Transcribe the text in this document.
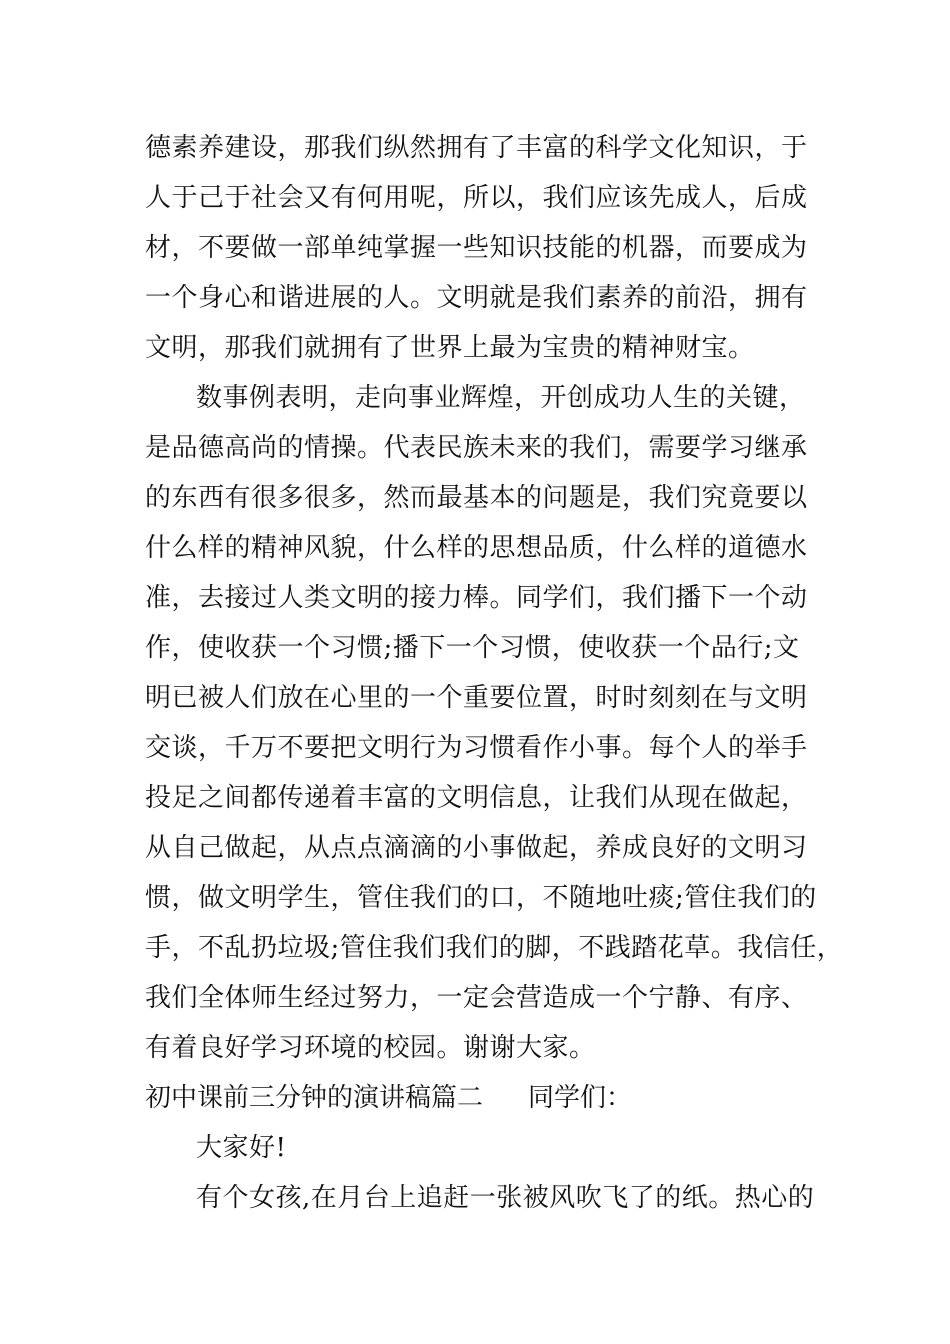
德素养建设，那我们纵然拥有了丰富的科学文化知识，于
人于己于社会又有何用呢，所以，我们应该先成人，后成
材，不要做一部单纯掌握一些知识技能的机器，而要成为
一个身心和谐进展的人。文明就是我们素养的前沿，拥有
文明，那我们就拥有了世界上最为宝贵的精神财宝。
数事例表明，走向事业辉煌，开创成功人生的关键，
是品德高尚的情操。代表民族未来的我们，需要学习继承
的东西有很多很多，然而最基本的问题是，我们究竟要以
什么样的精神风貌，什么样的思想品质，什么样的道德水
准，去接过人类文明的接力棒。同学们，我们播下一个动
作，使收获一个习惯;播下一个习惯，使收获一个品行;文
明已被人们放在心里的一个重要位置，时时刻刻在与文明
交谈，千万不要把文明行为习惯看作小事。每个人的举手
投足之间都传递着丰富的文明信息，让我们从现在做起，
从自己做起，从点点滴滴的小事做起，养成良好的文明习
惯，做文明学生，管住我们的口，不随地吐痰;管住我们的
手，不乱扔垃圾;管住我们我们的脚，不践踏花草。我信任，
我们全体师生经过努力，一定会营造成一个宁静、有序、
有着良好学习环境的校园。谢谢大家。
初中课前三分钟的演讲稿篇二 同学们：
大家好!
有个女孩,在月台上追赶一张被风吹飞了的纸。热心的
